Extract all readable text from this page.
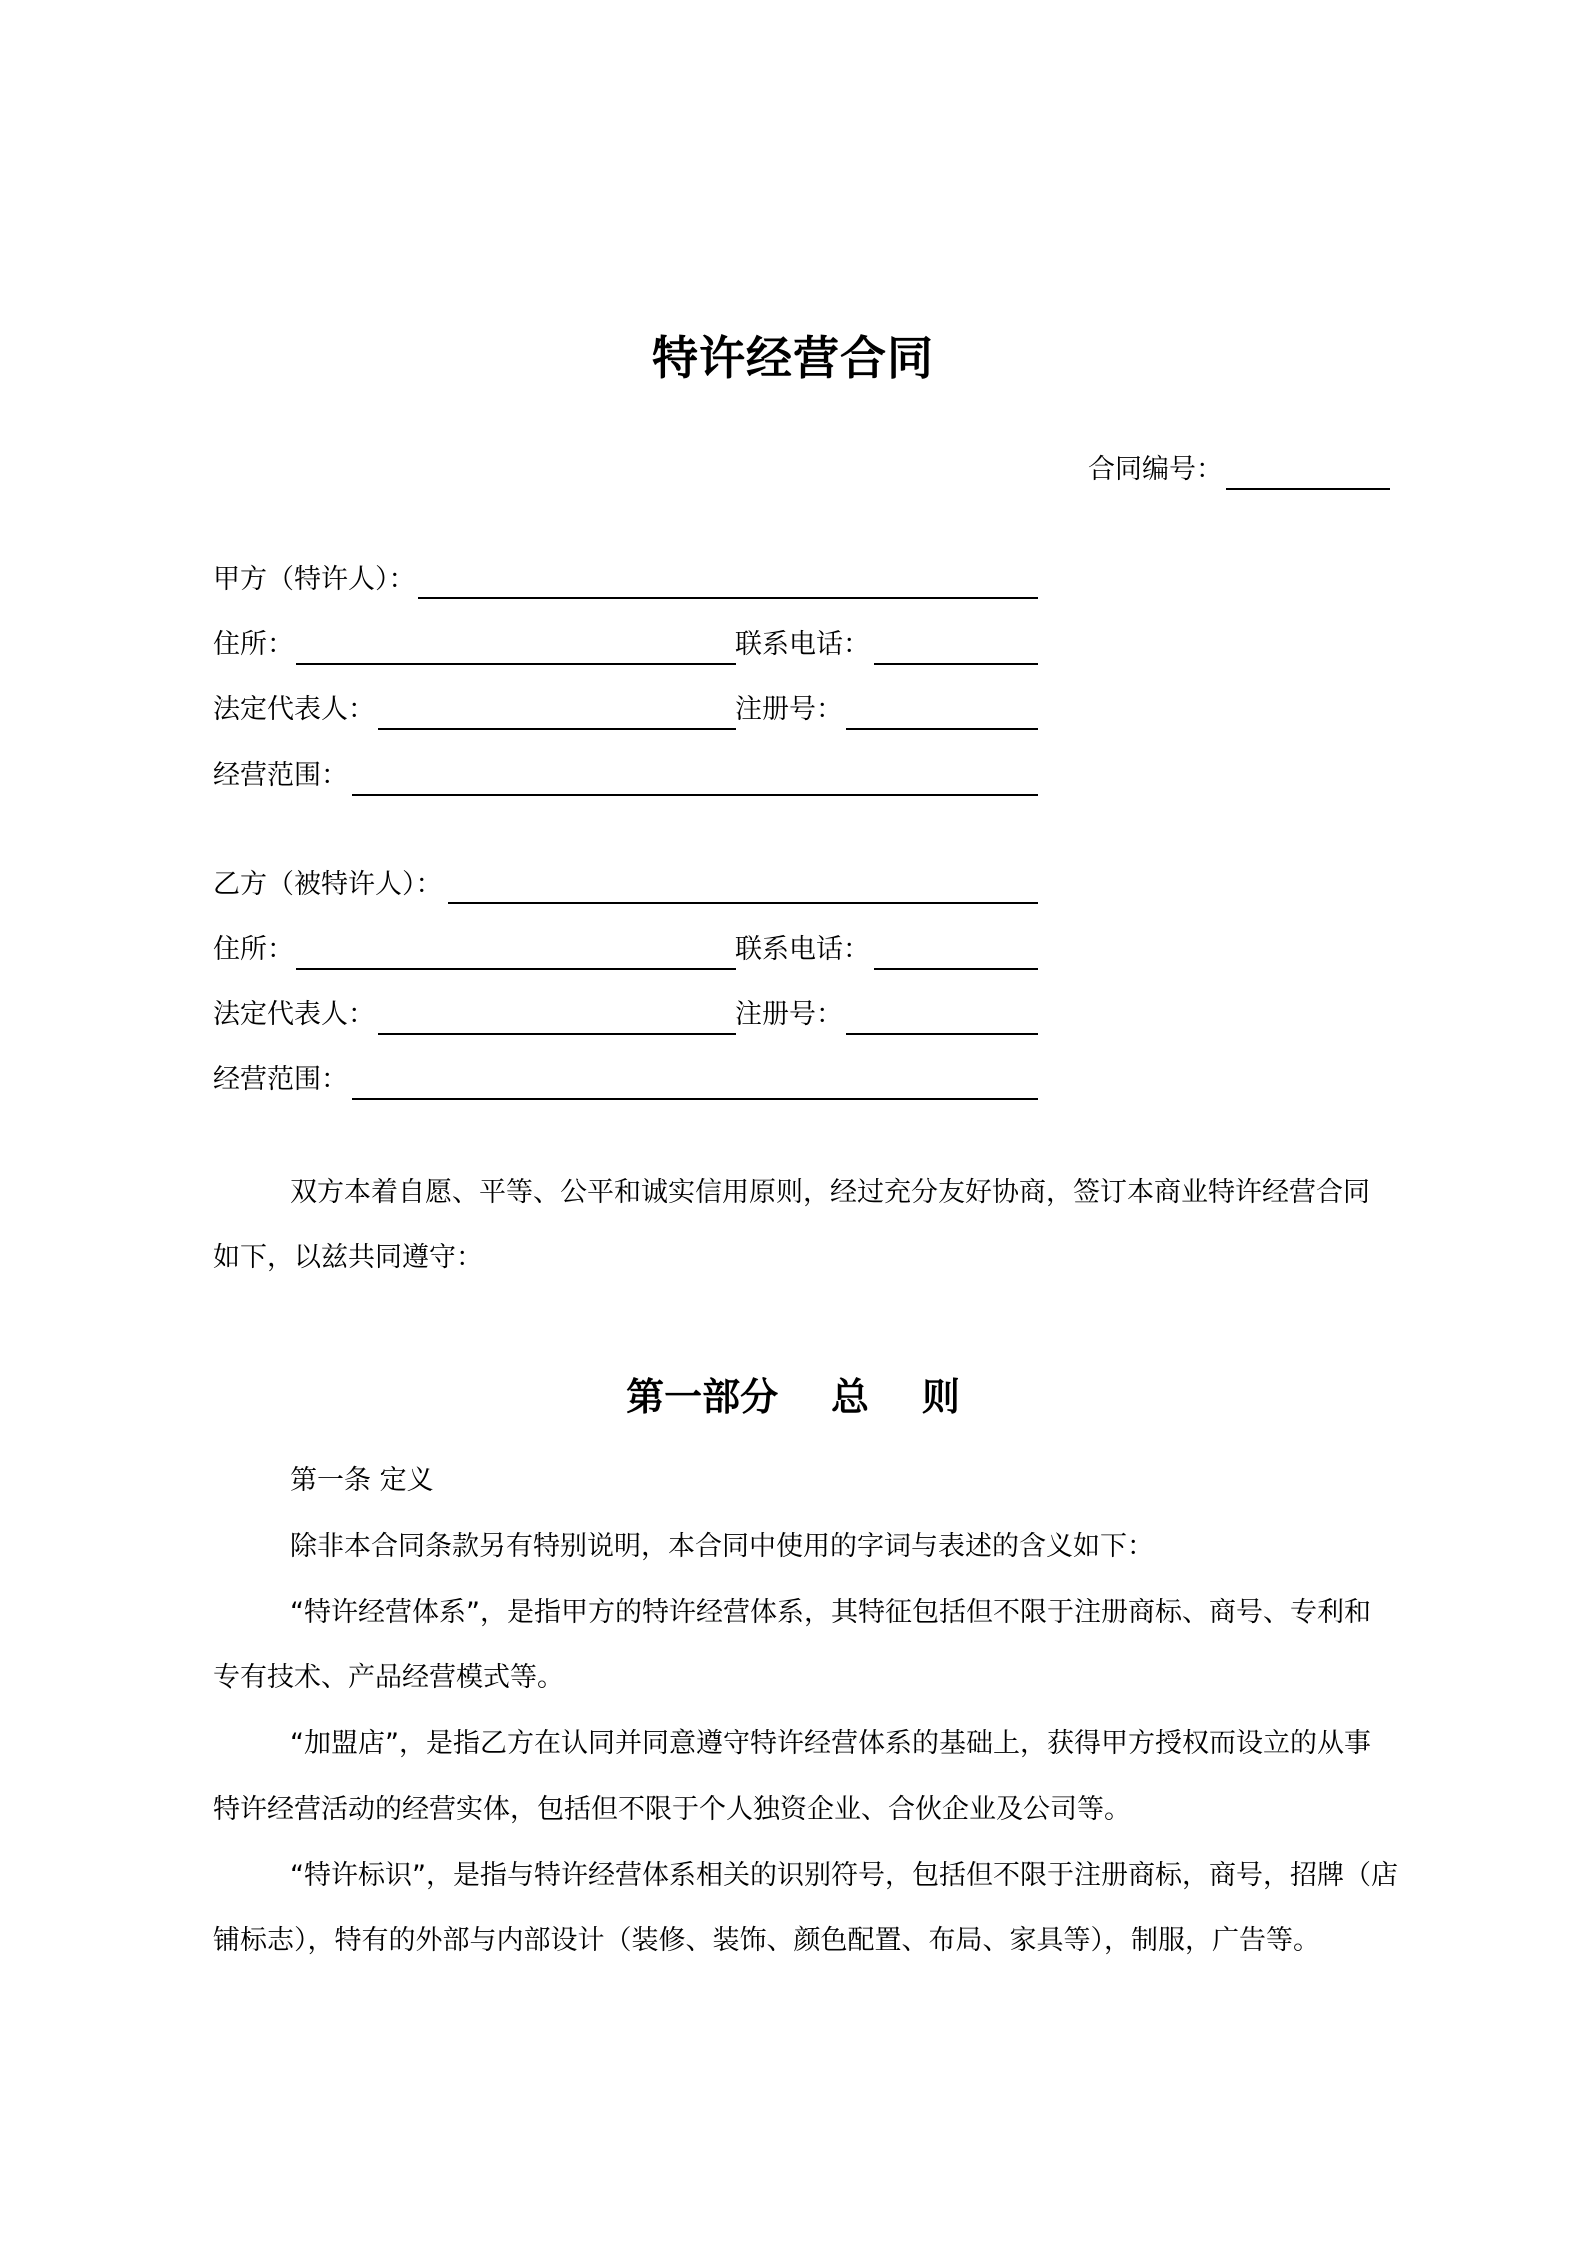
特许经营合同
合同编号：
甲方（特许人）：
住所：	联系电话：
法定代表人：	注册号：
经营范围：
乙方（被特许人）：
住所：	联系电话：
法定代表人：	注册号：
经营范围：
双方本着自愿、平等、公平和诚实信用原则，经过充分友好协商，签订本商业特许经营合同
如下，以兹共同遵守：
第一部分    总    则
第一条 定义
除非本合同条款另有特别说明，本合同中使用的字词与表述的含义如下：
“特许经营体系”，是指甲方的特许经营体系，其特征包括但不限于注册商标、商号、专利和
专有技术、产品经营模式等。
“加盟店”，是指乙方在认同并同意遵守特许经营体系的基础上，获得甲方授权而设立的从事
特许经营活动的经营实体，包括但不限于个人独资企业、合伙企业及公司等。
“特许标识”，是指与特许经营体系相关的识别符号，包括但不限于注册商标，商号，招牌（店
铺标志），特有的外部与内部设计（装修、装饰、颜色配置、布局、家具等），制服，广告等。
